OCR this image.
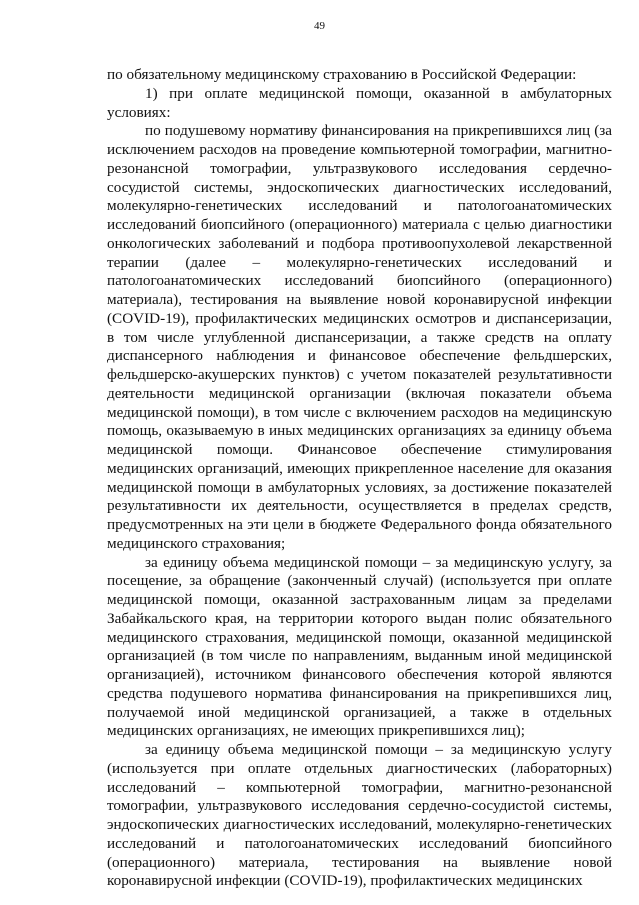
49

по обязательному медицинскому страхованию в Российской Федерации:

1) при оплате медицинской помощи, оказанной в амбулаторных условиях:

по подушевому нормативу финансирования на прикрепившихся лиц (за исключением расходов на проведение компьютерной томографии, магнитно-резонансной томографии, ультразвукового исследования сердечно-сосудистой системы, эндоскопических диагностических исследований, молекулярно-генетических исследований и патологоанатомических исследований биопсийного (операционного) материала с целью диагностики онкологических заболеваний и подбора противоопухолевой лекарственной терапии (далее – молекулярно-генетических исследований и патологоанатомических исследований биопсийного (операционного) материала), тестирования на выявление новой коронавирусной инфекции (COVID-19), профилактических медицинских осмотров и диспансеризации, в том числе углубленной диспансеризации, а также средств на оплату диспансерного наблюдения и финансовое обеспечение фельдшерских, фельдшерско-акушерских пунктов) с учетом показателей результативности деятельности медицинской организации (включая показатели объема медицинской помощи), в том числе с включением расходов на медицинскую помощь, оказываемую в иных медицинских организациях за единицу объема медицинской помощи. Финансовое обеспечение стимулирования медицинских организаций, имеющих прикрепленное население для оказания медицинской помощи в амбулаторных условиях, за достижение показателей результативности их деятельности, осуществляется в пределах средств, предусмотренных на эти цели в бюджете Федерального фонда обязательного медицинского страхования;

за единицу объема медицинской помощи – за медицинскую услугу, за посещение, за обращение (законченный случай) (используется при оплате медицинской помощи, оказанной застрахованным лицам за пределами Забайкальского края, на территории которого выдан полис обязательного медицинского страхования, медицинской помощи, оказанной медицинской организацией (в том числе по направлениям, выданным иной медицинской организацией), источником финансового обеспечения которой являются средства подушевого норматива финансирования на прикрепившихся лиц, получаемой иной медицинской организацией, а также в отдельных медицинских организациях, не имеющих прикрепившихся лиц);

за единицу объема медицинской помощи – за медицинскую услугу (используется при оплате отдельных диагностических (лабораторных) исследований – компьютерной томографии, магнитно-резонансной томографии, ультразвукового исследования сердечно-сосудистой системы, эндоскопических диагностических исследований, молекулярно-генетических исследований и патологоанатомических исследований биопсийного (операционного) материала, тестирования на выявление новой коронавирусной инфекции (COVID-19), профилактических медицинских
